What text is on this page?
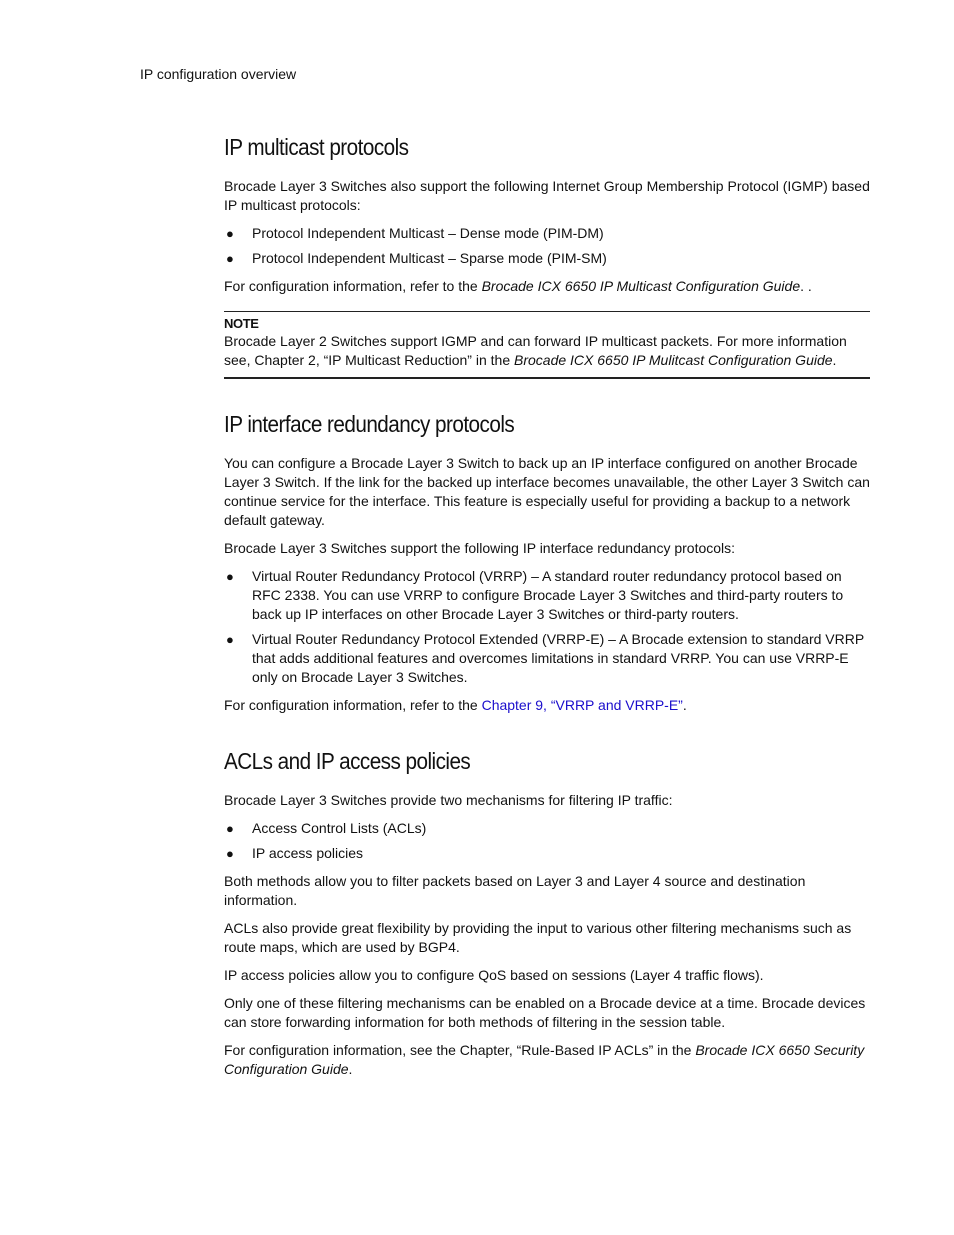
IP configuration overview
IP multicast protocols

Brocade Layer 3 Switches also support the following Internet Group Membership Protocol (IGMP) based IP multicast protocols:

● Protocol Independent Multicast – Dense mode (PIM-DM)
● Protocol Independent Multicast – Sparse mode (PIM-SM)

For configuration information, refer to the Brocade ICX 6650 IP Multicast Configuration Guide. .

NOTE

Brocade Layer 2 Switches support IGMP and can forward IP multicast packets. For more information see, Chapter 2, “IP Multicast Reduction” in the Brocade ICX 6650 IP Mulitcast Configuration Guide.

IP interface redundancy protocols

You can configure a Brocade Layer 3 Switch to back up an IP interface configured on another Brocade Layer 3 Switch. If the link for the backed up interface becomes unavailable, the other Layer 3 Switch can continue service for the interface. This feature is especially useful for providing a backup to a network default gateway.

Brocade Layer 3 Switches support the following IP interface redundancy protocols:

● Virtual Router Redundancy Protocol (VRRP) – A standard router redundancy protocol based on RFC 2338. You can use VRRP to configure Brocade Layer 3 Switches and third-party routers to back up IP interfaces on other Brocade Layer 3 Switches or third-party routers.
● Virtual Router Redundancy Protocol Extended (VRRP-E) – A Brocade extension to standard VRRP that adds additional features and overcomes limitations in standard VRRP. You can use VRRP-E only on Brocade Layer 3 Switches.

For configuration information, refer to the Chapter 9, “VRRP and VRRP-E”.

ACLs and IP access policies

Brocade Layer 3 Switches provide two mechanisms for filtering IP traffic:

● Access Control Lists (ACLs)
● IP access policies

Both methods allow you to filter packets based on Layer 3 and Layer 4 source and destination information.

ACLs also provide great flexibility by providing the input to various other filtering mechanisms such as route maps, which are used by BGP4.

IP access policies allow you to configure QoS based on sessions (Layer 4 traffic flows).

Only one of these filtering mechanisms can be enabled on a Brocade device at a time. Brocade devices can store forwarding information for both methods of filtering in the session table.

For configuration information, see the Chapter, “Rule-Based IP ACLs” in the Brocade ICX 6650 Security Configuration Guide.
